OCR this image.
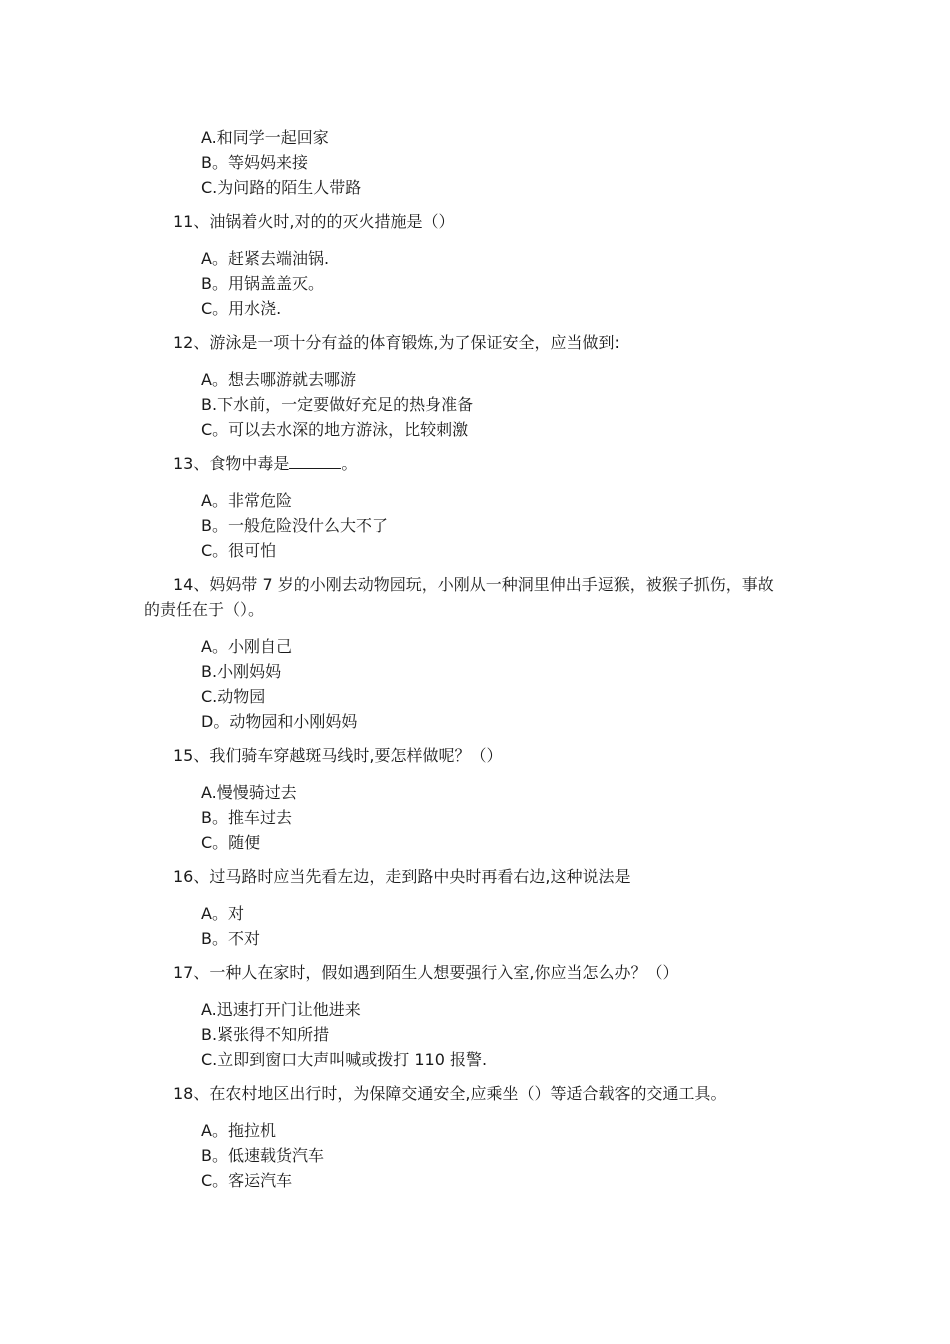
A.和同学一起回家
B。等妈妈来接
C.为问路的陌生人带路
11、油锅着火时,对的的灭火措施是（）
A。赶紧去端油锅.
B。用锅盖盖灭。
C。用水浇.
12、游泳是一项十分有益的体育锻炼,为了保证安全，应当做到:
A。想去哪游就去哪游
B.下水前，一定要做好充足的热身准备
C。可以去水深的地方游泳，比较刺激
13、食物中毒是	。
A。非常危险
B。一般危险没什么大不了
C。很可怕
14、妈妈带 7 岁的小刚去动物园玩，小刚从一种洞里伸出手逗猴，被猴子抓伤，事故
的责任在于（）。
A。小刚自己
B.小刚妈妈
C.动物园
D。动物园和小刚妈妈
15、我们骑车穿越斑马线时,要怎样做呢？（）
A.慢慢骑过去
B。推车过去
C。随便
16、过马路时应当先看左边，走到路中央时再看右边,这种说法是
A。对
B。不对
17、一种人在家时，假如遇到陌生人想要强行入室,你应当怎么办？（）
A.迅速打开门让他进来
B.紧张得不知所措
C.立即到窗口大声叫喊或拨打 110 报警.
18、在农村地区出行时，为保障交通安全,应乘坐（）等适合载客的交通工具。
A。拖拉机
B。低速载货汽车
C。客运汽车
